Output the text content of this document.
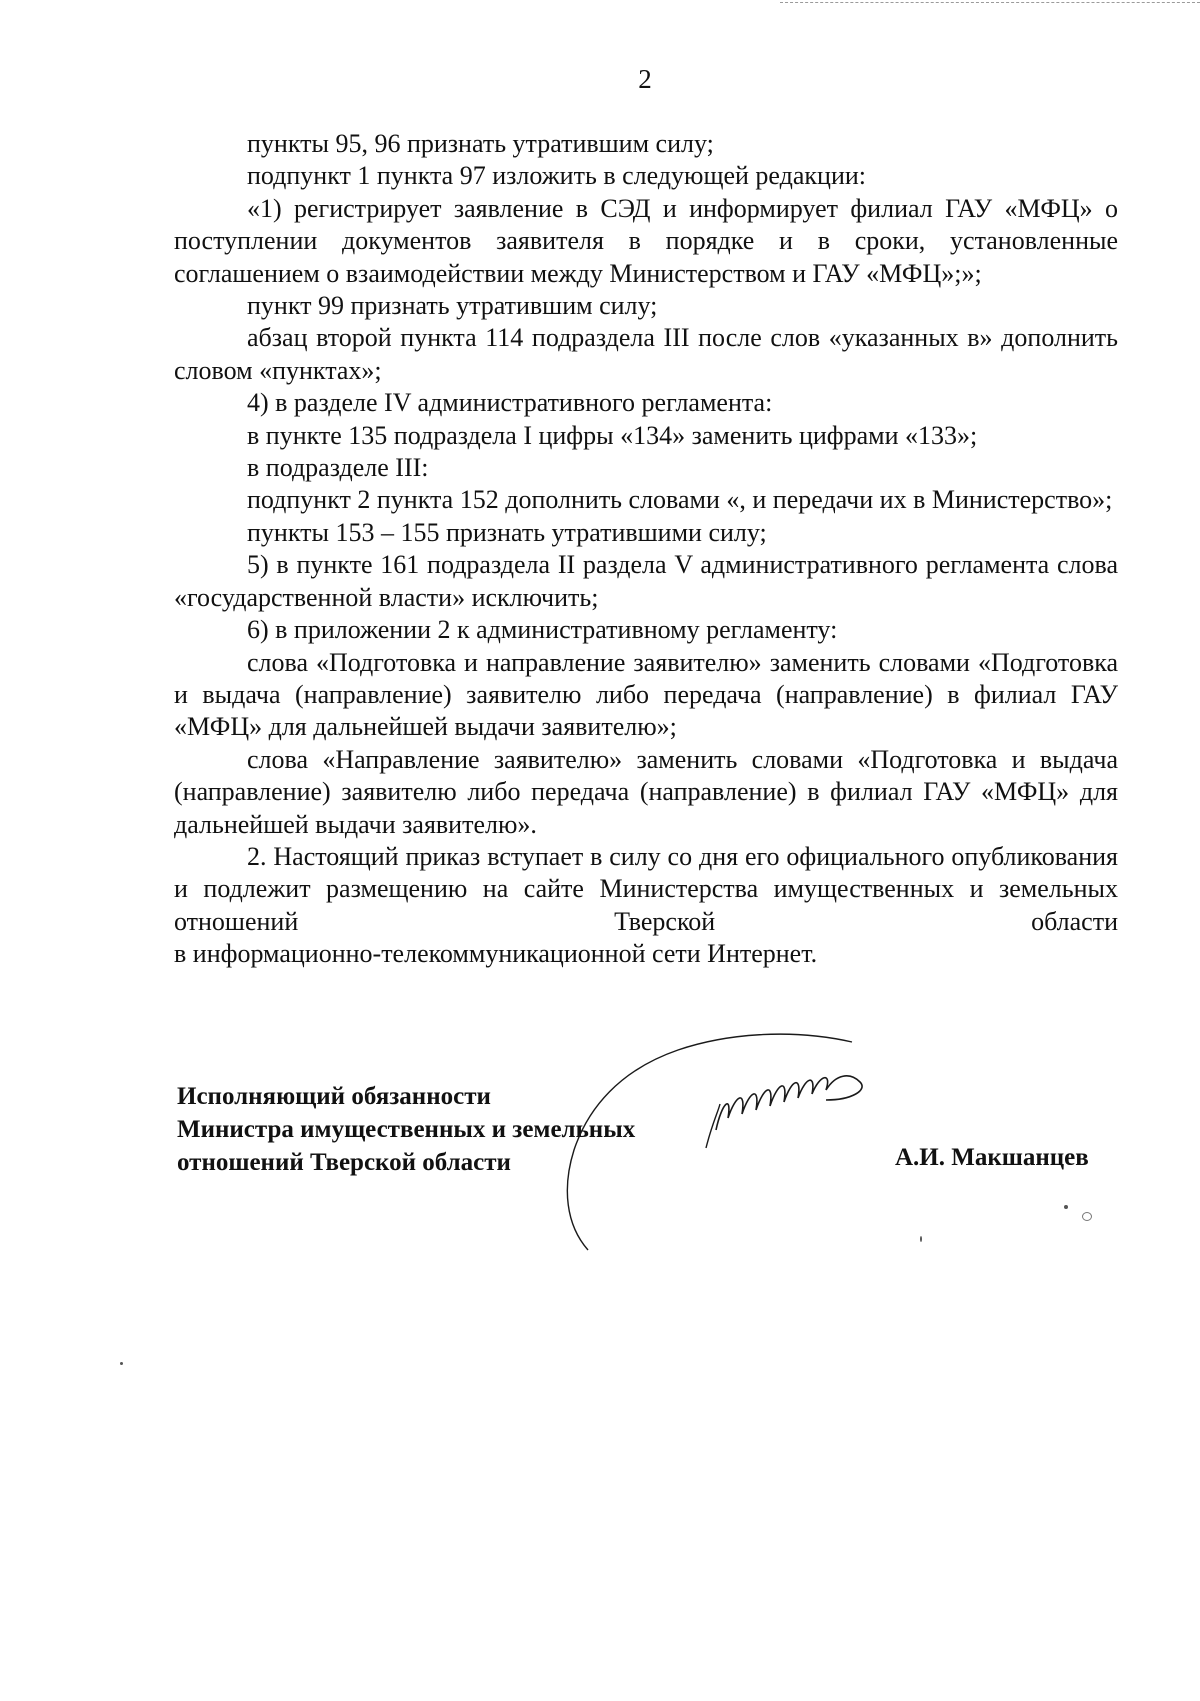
2

пункты 95, 96 признать утратившим силу;

подпункт 1 пункта 97 изложить в следующей редакции:

«1) регистрирует заявление в СЭД и информирует филиал ГАУ «МФЦ» о поступлении документов заявителя в порядке и в сроки, установленные соглашением о взаимодействии между Министерством и ГАУ «МФЦ»;»;

пункт 99 признать утратившим силу;

абзац второй пункта 114 подраздела III после слов «указанных в» дополнить словом «пунктах»;

4) в разделе IV административного регламента:

в пункте 135 подраздела I цифры «134» заменить цифрами «133»;

в подразделе III:

подпункт 2 пункта 152 дополнить словами «, и передачи их в Министерство»;

пункты 153 – 155 признать утратившими силу;

5) в пункте 161 подраздела II раздела V административного регламента слова «государственной власти» исключить;

6) в приложении 2 к административному регламенту:

слова «Подготовка и направление заявителю» заменить словами «Подготовка и выдача (направление) заявителю либо передача (направление) в филиал ГАУ «МФЦ» для дальнейшей выдачи заявителю»;

слова «Направление заявителю» заменить словами «Подготовка и выдача (направление) заявителю либо передача (направление) в филиал ГАУ «МФЦ» для дальнейшей выдачи заявителю».

2. Настоящий приказ вступает в силу со дня его официального опубликования и подлежит размещению на сайте Министерства имущественных и земельных отношений Тверской области

в информационно-телекоммуникационной сети Интернет.

Исполняющий обязанности
Министра имущественных и земельных
отношений Тверской области	А.И. Макшанцев
